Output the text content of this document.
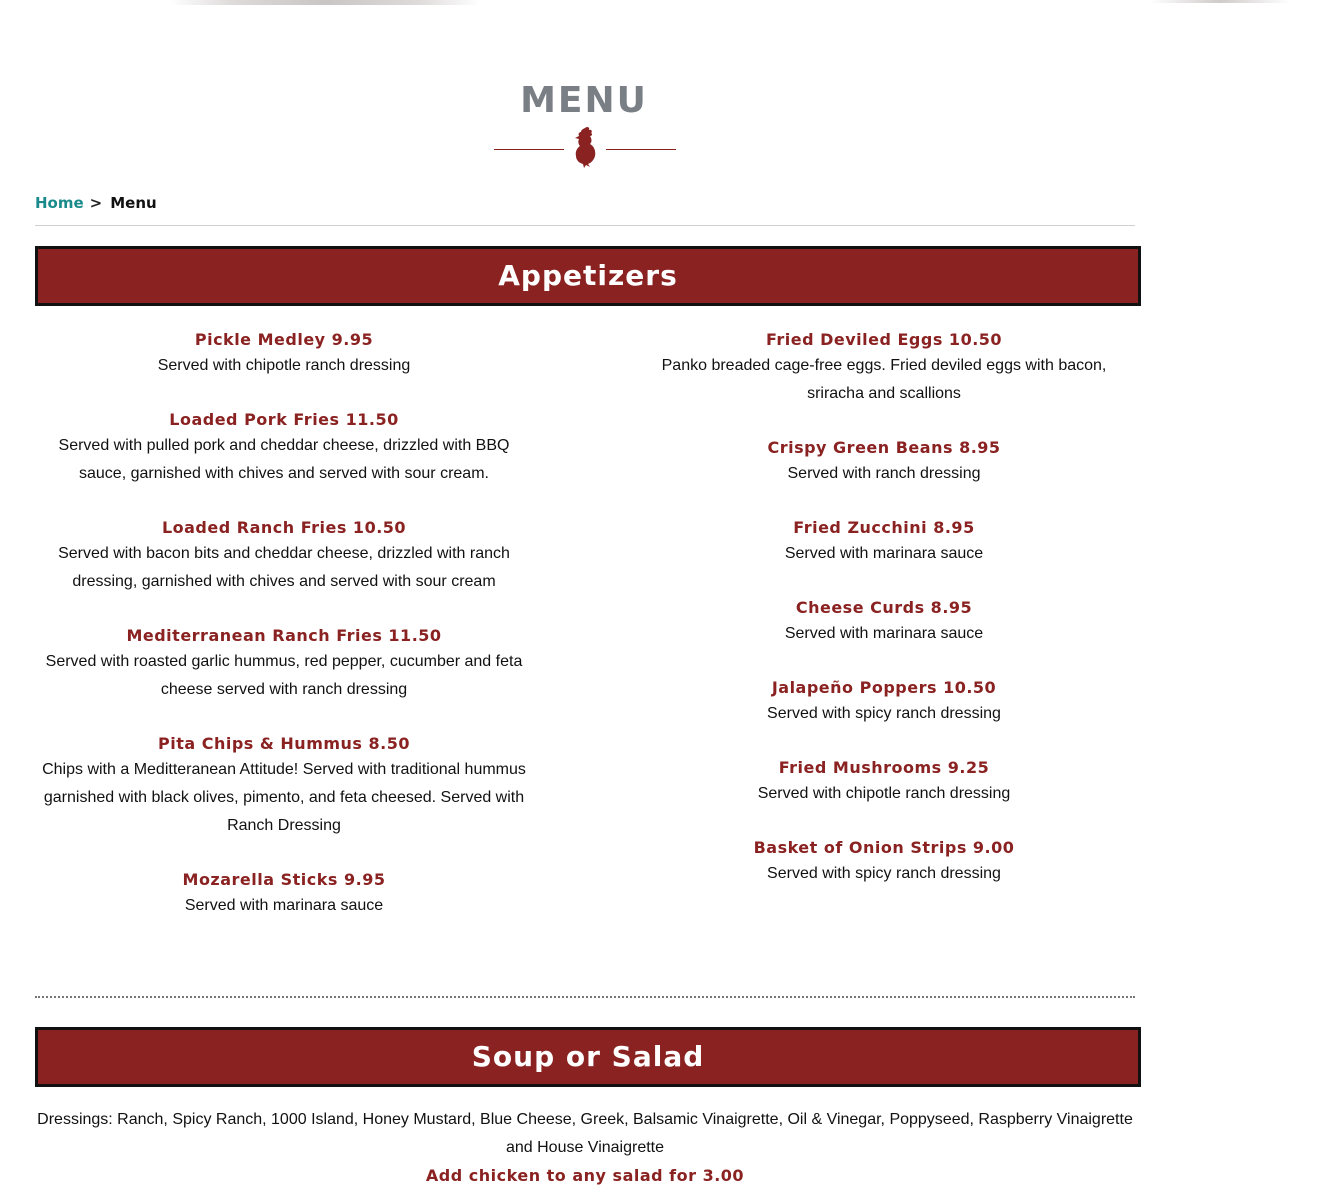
MENU
Home > Menu
Appetizers
Pickle Medley 9.95
Served with chipotle ranch dressing
Loaded Pork Fries 11.50
Served with pulled pork and cheddar cheese, drizzled with BBQ sauce, garnished with chives and served with sour cream.
Loaded Ranch Fries 10.50
Served with bacon bits and cheddar cheese, drizzled with ranch dressing, garnished with chives and served with sour cream
Mediterranean Ranch Fries 11.50
Served with roasted garlic hummus, red pepper, cucumber and feta cheese served with ranch dressing
Pita Chips & Hummus 8.50
Chips with a Meditteranean Attitude! Served with traditional hummus garnished with black olives, pimento, and feta cheesed. Served with Ranch Dressing
Mozarella Sticks 9.95
Served with marinara sauce
Fried Deviled Eggs 10.50
Panko breaded cage-free eggs. Fried deviled eggs with bacon, sriracha and scallions
Crispy Green Beans 8.95
Served with ranch dressing
Fried Zucchini 8.95
Served with marinara sauce
Cheese Curds 8.95
Served with marinara sauce
Jalapeño Poppers 10.50
Served with spicy ranch dressing
Fried Mushrooms 9.25
Served with chipotle ranch dressing
Basket of Onion Strips 9.00
Served with spicy ranch dressing
Soup or Salad
Dressings: Ranch, Spicy Ranch, 1000 Island, Honey Mustard, Blue Cheese, Greek, Balsamic Vinaigrette, Oil & Vinegar, Poppyseed, Raspberry Vinaigrette and House Vinaigrette
Add chicken to any salad for 3.00
